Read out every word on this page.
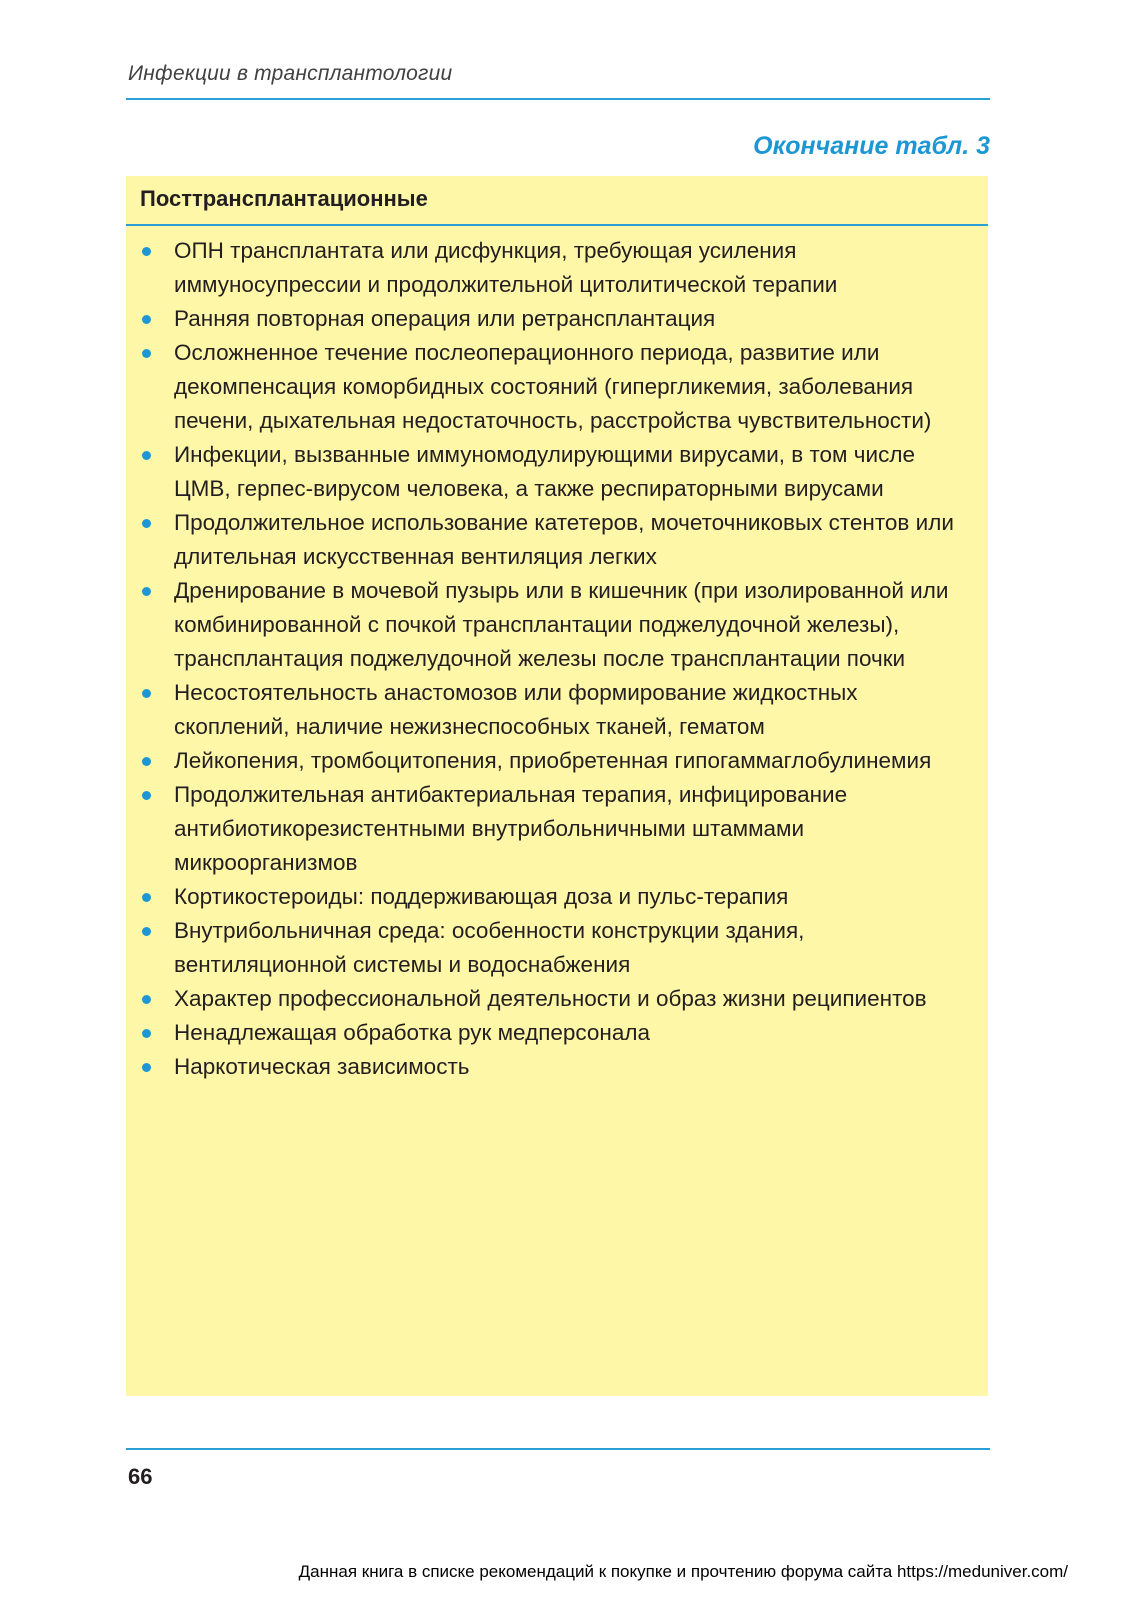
Инфекции в трансплантологии
Окончание табл. 3
Посттрансплантационные
ОПН трансплантата или дисфункция, требующая усиления иммуносупрессии и продолжительной цитолитической терапии
Ранняя повторная операция или ретрансплантация
Осложненное течение послеоперационного периода, развитие или декомпенсация коморбидных состояний (гипергликемия, заболевания печени, дыхательная недостаточность, расстройства чувствительности)
Инфекции, вызванные иммуномодулирующими вирусами, в том числе ЦМВ, герпес-вирусом человека, а также респираторными вирусами
Продолжительное использование катетеров, мочеточниковых стентов или длительная искусственная вентиляция легких
Дренирование в мочевой пузырь или в кишечник (при изолированной или комбинированной с почкой трансплантации поджелудочной железы), трансплантация поджелудочной железы после трансплантации почки
Несостоятельность анастомозов или формирование жидкостных скоплений, наличие нежизнеспособных тканей, гематом
Лейкопения, тромбоцитопения, приобретенная гипогаммаглобулинемия
Продолжительная антибактериальная терапия, инфицирование антибиотикорезистентными внутрибольничными штаммами микроорганизмов
Кортикостероиды: поддерживающая доза и пульс-терапия
Внутрибольничная среда: особенности конструкции здания, вентиляционной системы и водоснабжения
Характер профессиональной деятельности и образ жизни реципиентов
Ненадлежащая обработка рук медперсонала
Наркотическая зависимость
66
Данная книга в списке рекомендаций к покупке и прочтению форума сайта https://meduniver.com/
